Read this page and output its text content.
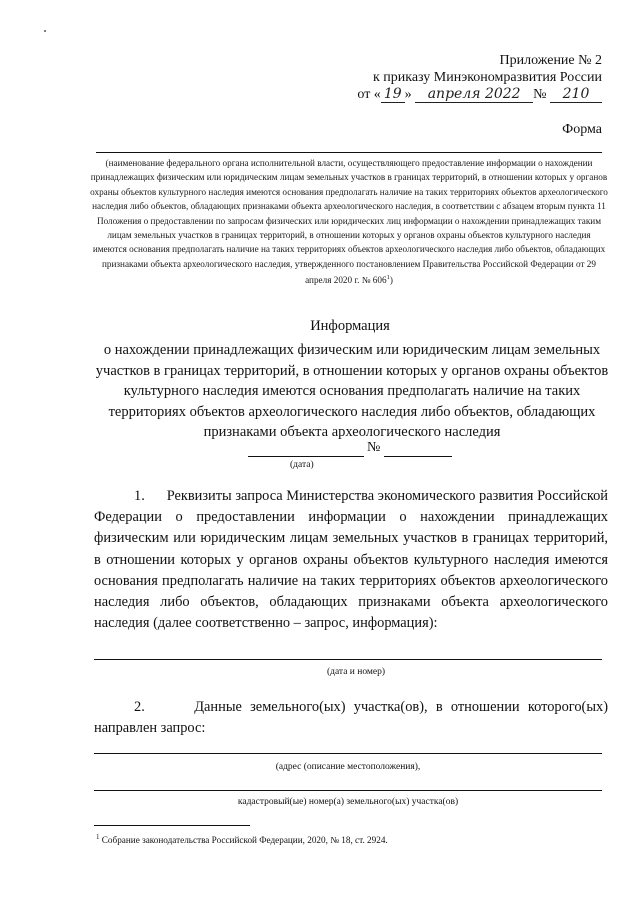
Приложение № 2
к приказу Минэкономразвития России
от « 19 » апреля 2022 № 210
Форма
(наименование федерального органа исполнительной власти, осуществляющего предоставление информации о нахождении принадлежащих физическим или юридическим лицам земельных участков в границах территорий, в отношении которых у органов охраны объектов культурного наследия имеются основания предполагать наличие на таких территориях объектов археологического наследия либо объектов, обладающих признаками объекта археологического наследия, в соответствии с абзацем вторым пункта 11 Положения о предоставлении по запросам физических или юридических лиц информации о нахождении принадлежащих таким лицам земельных участков в границах территорий, в отношении которых у органов охраны объектов культурного наследия имеются основания предполагать наличие на таких территориях объектов археологического наследия либо объектов, обладающих признаками объекта археологического наследия, утвержденного постановлением Правительства Российской Федерации от 29 апреля 2020 г. № $606^1$)
Информация
о нахождении принадлежащих физическим или юридическим лицам земельных участков в границах территорий, в отношении которых у органов охраны объектов культурного наследия имеются основания предполагать наличие на таких территориях объектов археологического наследия либо объектов, обладающих признаками объекта археологического наследия
№
(дата)
1. Реквизиты запроса Министерства экономического развития Российской Федерации о предоставлении информации о нахождении принадлежащих физическим или юридическим лицам земельных участков в границах территорий, в отношении которых у органов охраны объектов культурного наследия имеются основания предполагать наличие на таких территориях объектов археологического наследия либо объектов, обладающих признаками объекта археологического наследия (далее соответственно – запрос, информация):
(дата и номер)
2.	Данные земельного(ых) участка(ов), в отношении которого(ых) направлен запрос:
(адрес (описание местоположения),
кадастровый(ые) номер(а) земельного(ых) участка(ов)
$^1$ Собрание законодательства Российской Федерации, 2020, № 18, ст. 2924.
